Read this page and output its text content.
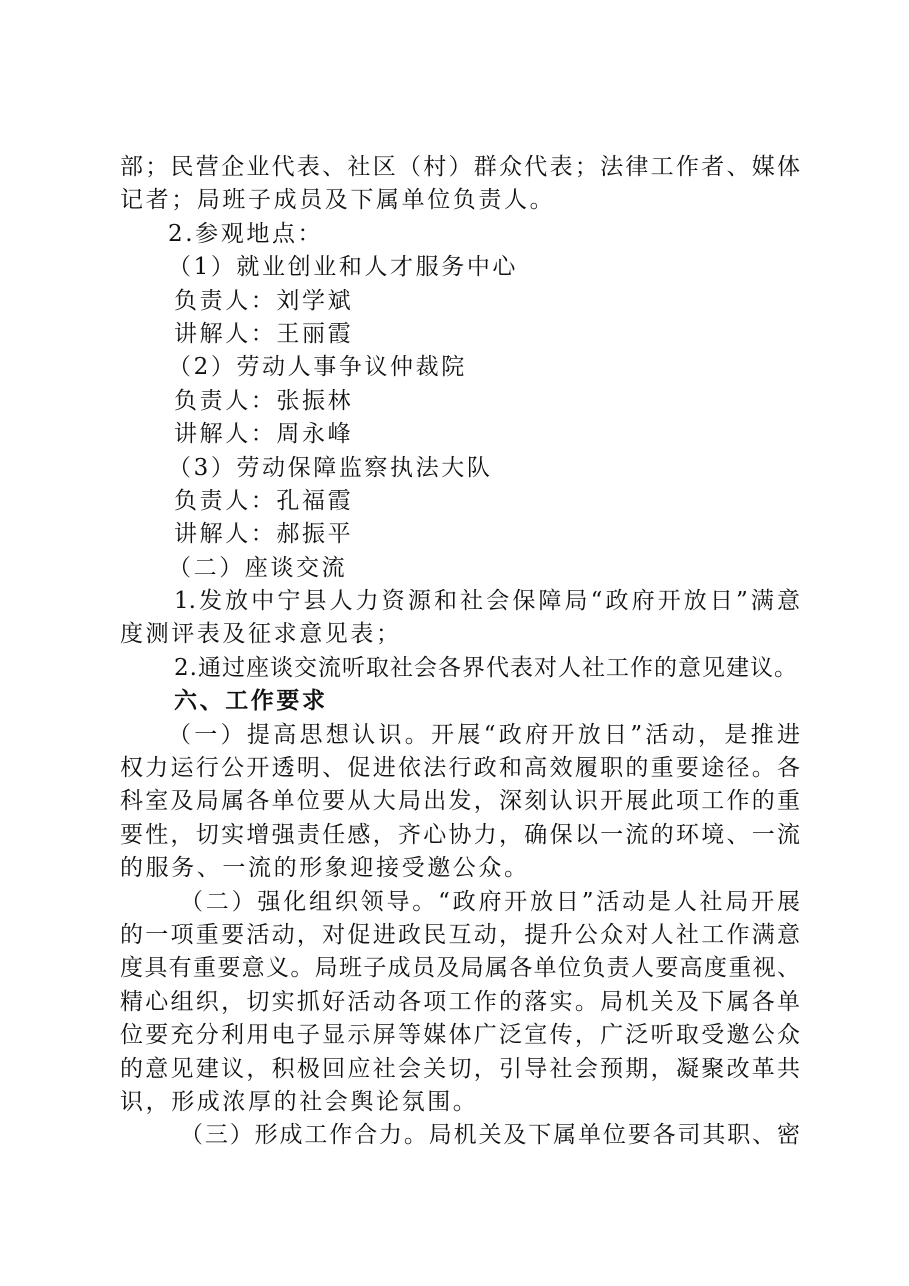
部；民营企业代表、社区（村）群众代表；法律工作者、媒体
记者；局班子成员及下属单位负责人。
2.参观地点：
（1）就业创业和人才服务中心
负责人：刘学斌
讲解人：王丽霞
（2）劳动人事争议仲裁院
负责人：张振林
讲解人：周永峰
（3）劳动保障监察执法大队
负责人：孔福霞
讲解人：郝振平
（二）座谈交流
1.发放中宁县人力资源和社会保障局“政府开放日”满意
度测评表及征求意见表；
2.通过座谈交流听取社会各界代表对人社工作的意见建议。
六、工作要求
（一）提高思想认识。开展“政府开放日”活动，是推进
权力运行公开透明、促进依法行政和高效履职的重要途径。各
科室及局属各单位要从大局出发，深刻认识开展此项工作的重
要性，切实增强责任感，齐心协力，确保以一流的环境、一流
的服务、一流的形象迎接受邀公众。
（二）强化组织领导。“政府开放日”活动是人社局开展
的一项重要活动，对促进政民互动，提升公众对人社工作满意
度具有重要意义。局班子成员及局属各单位负责人要高度重视、
精心组织，切实抓好活动各项工作的落实。局机关及下属各单
位要充分利用电子显示屏等媒体广泛宣传，广泛听取受邀公众
的意见建议，积极回应社会关切，引导社会预期，凝聚改革共
识，形成浓厚的社会舆论氛围。
（三）形成工作合力。局机关及下属单位要各司其职、密
